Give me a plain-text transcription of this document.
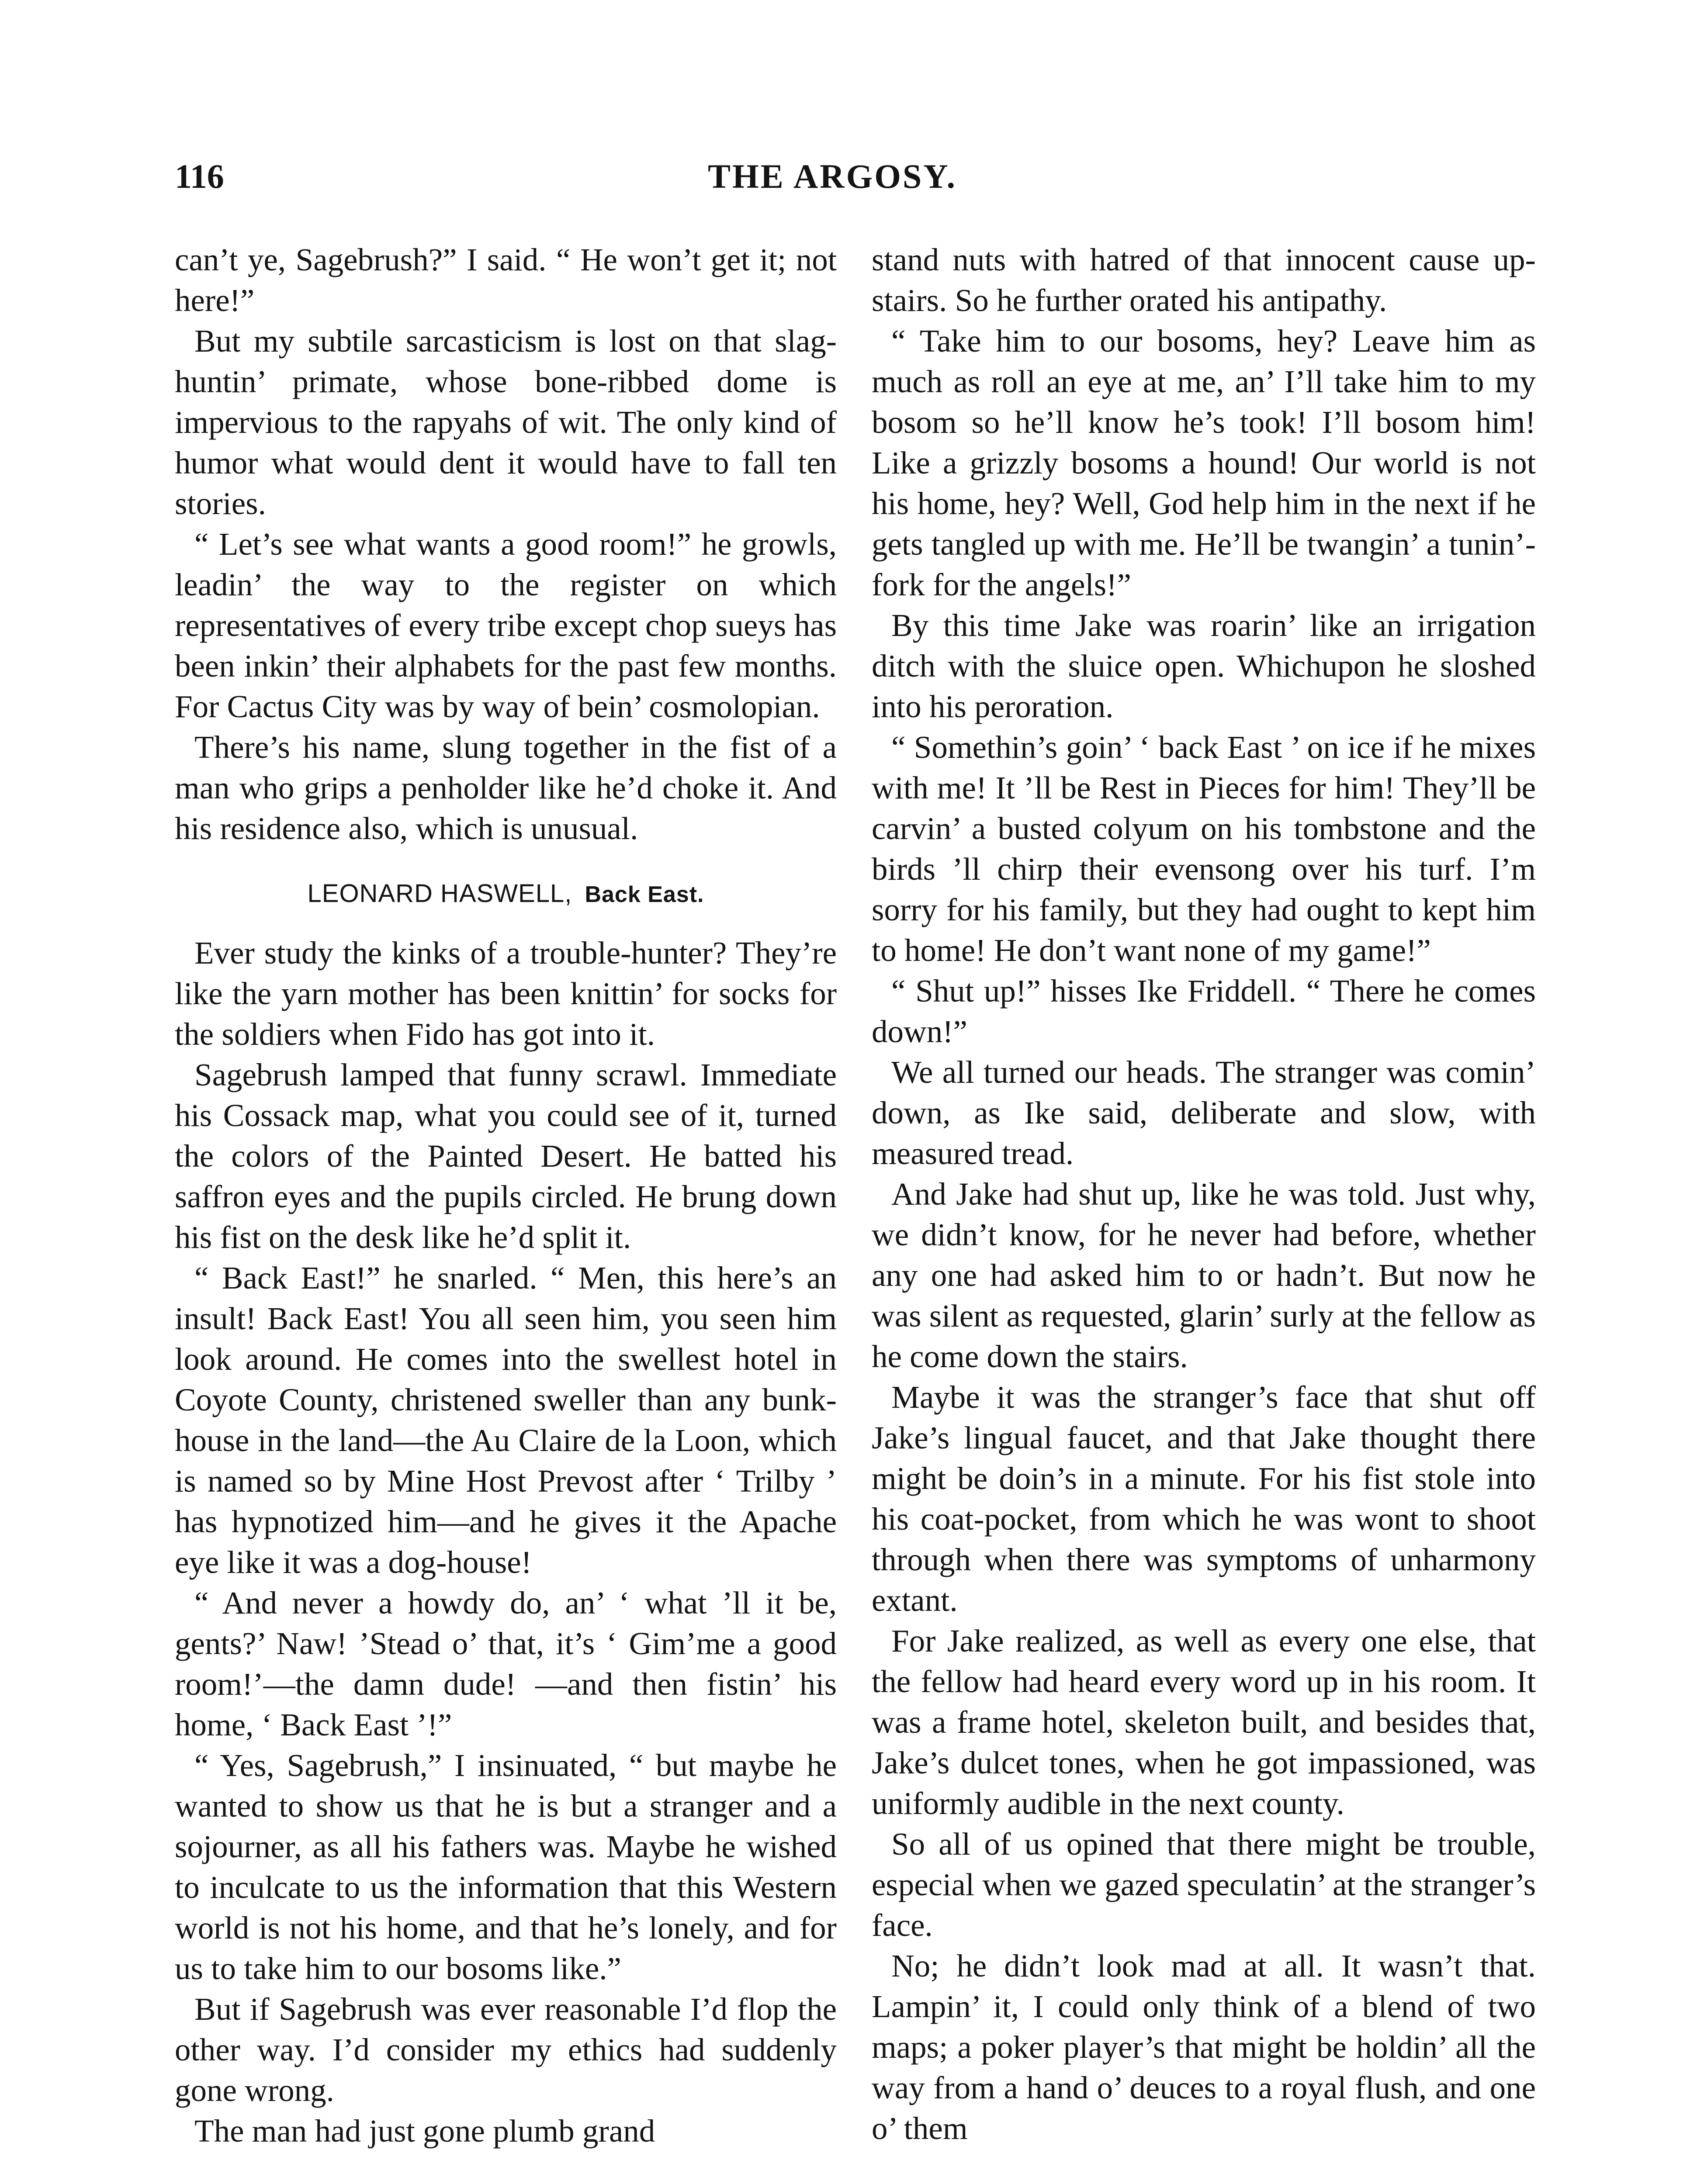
116	THE ARGOSY.

can’t ye, Sagebrush?” I said. “ He won’t get it; not here!”

But my subtile sarcasticism is lost on that slag-huntin’ primate, whose bone-ribbed dome is impervious to the rapyahs of wit. The only kind of humor what would dent it would have to fall ten stories.

“ Let’s see what wants a good room!” he growls, leadin’ the way to the register on which representatives of every tribe except chop sueys has been inkin’ their alphabets for the past few months. For Cactus City was by way of bein’ cosmolopian.

There’s his name, slung together in the fist of a man who grips a penholder like he’d choke it. And his residence also, which is unusual.

LEONARD HASWELL, Back East.

Ever study the kinks of a trouble-hunter? They’re like the yarn mother has been knittin’ for socks for the soldiers when Fido has got into it.

Sagebrush lamped that funny scrawl. Immediate his Cossack map, what you could see of it, turned the colors of the Painted Desert. He batted his saffron eyes and the pupils circled. He brung down his fist on the desk like he’d split it.

“ Back East!” he snarled. “ Men, this here’s an insult! Back East! You all seen him, you seen him look around. He comes into the swellest hotel in Coyote County, christened sweller than any bunk-house in the land—the Au Claire de la Loon, which is named so by Mine Host Prevost after ‘ Trilby ’ has hypnotized him—and he gives it the Apache eye like it was a dog-house!

“ And never a howdy do, an’ ‘ what ’ll it be, gents?’ Naw! ’Stead o’ that, it’s ‘ Gim’me a good room!’—the damn dude! —and then fistin’ his home, ‘ Back East ’!”

“ Yes, Sagebrush,” I insinuated, “ but maybe he wanted to show us that he is but a stranger and a sojourner, as all his fathers was. Maybe he wished to inculcate to us the information that this Western world is not his home, and that he’s lonely, and for us to take him to our bosoms like.”

But if Sagebrush was ever reasonable I’d flop the other way. I’d consider my ethics had suddenly gone wrong.

The man had just gone plumb grand

stand nuts with hatred of that innocent cause up-stairs. So he further orated his antipathy.

“ Take him to our bosoms, hey? Leave him as much as roll an eye at me, an’ I’ll take him to my bosom so he’ll know he’s took! I’ll bosom him! Like a grizzly bosoms a hound! Our world is not his home, hey? Well, God help him in the next if he gets tangled up with me. He’ll be twangin’ a tunin’-fork for the angels!”

By this time Jake was roarin’ like an irrigation ditch with the sluice open. Whichupon he sloshed into his peroration.

“ Somethin’s goin’ ‘ back East ’ on ice if he mixes with me! It ’ll be Rest in Pieces for him! They’ll be carvin’ a busted colyum on his tombstone and the birds ’ll chirp their evensong over his turf. I’m sorry for his family, but they had ought to kept him to home! He don’t want none of my game!”

“ Shut up!” hisses Ike Friddell. “ There he comes down!”

We all turned our heads. The stranger was comin’ down, as Ike said, deliberate and slow, with measured tread.

And Jake had shut up, like he was told. Just why, we didn’t know, for he never had before, whether any one had asked him to or hadn’t. But now he was silent as requested, glarin’ surly at the fellow as he come down the stairs.

Maybe it was the stranger’s face that shut off Jake’s lingual faucet, and that Jake thought there might be doin’s in a minute. For his fist stole into his coat-pocket, from which he was wont to shoot through when there was symptoms of unharmony extant.

For Jake realized, as well as every one else, that the fellow had heard every word up in his room. It was a frame hotel, skeleton built, and besides that, Jake’s dulcet tones, when he got impassioned, was uniformly audible in the next county.

So all of us opined that there might be trouble, especial when we gazed speculatin’ at the stranger’s face.

No; he didn’t look mad at all. It wasn’t that. Lampin’ it, I could only think of a blend of two maps; a poker player’s that might be holdin’ all the way from a hand o’ deuces to a royal flush, and one o’ them
